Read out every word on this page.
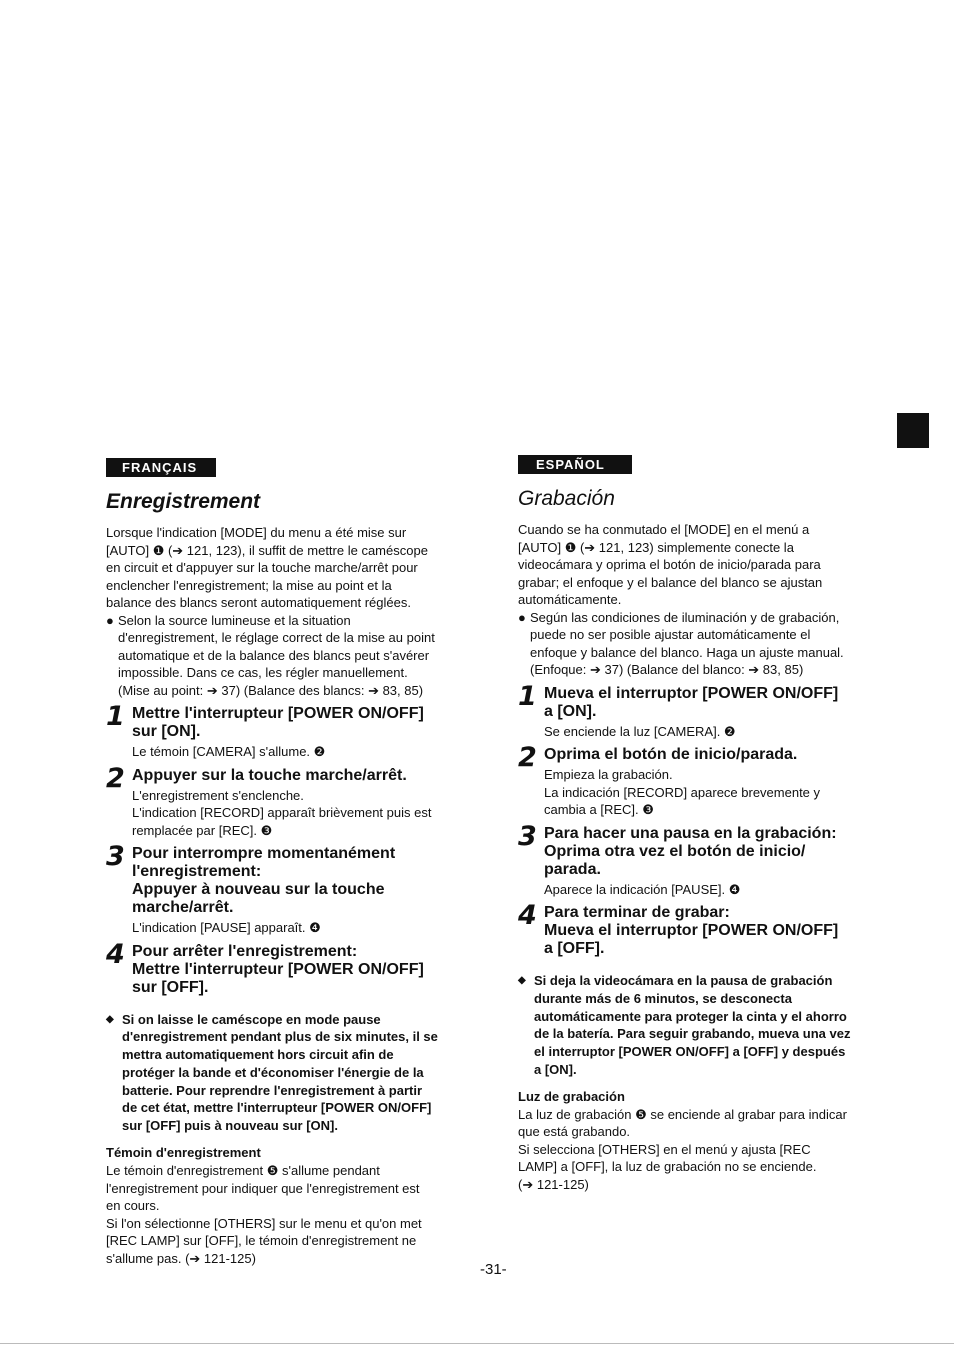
FRANÇAIS
Enregistrement
Lorsque l'indication [MODE] du menu a été mise sur
[AUTO] ❶ (➔ 121, 123), il suffit de mettre le caméscope
en circuit et d'appuyer sur la touche marche/arrêt pour
enclencher l'enregistrement; la mise au point et la
balance des blancs seront automatiquement réglées.
● Selon la source lumineuse et la situation
d'enregistrement, le réglage correct de la mise au point
automatique et de la balance des blancs peut s'avérer
impossible. Dans ce cas, les régler manuellement.
(Mise au point: ➔ 37) (Balance des blancs: ➔ 83, 85)
1 Mettre l'interrupteur [POWER ON/OFF]
sur [ON].
Le témoin [CAMERA] s'allume. ❷
2 Appuyer sur la touche marche/arrêt.
L'enregistrement s'enclenche.
L'indication [RECORD] apparaît brièvement puis est
remplacée par [REC]. ❸
3 Pour interrompre momentanément
l'enregistrement:
Appuyer à nouveau sur la touche
marche/arrêt.
L'indication [PAUSE] apparaît. ❹
4 Pour arrêter l'enregistrement:
Mettre l'interrupteur [POWER ON/OFF]
sur [OFF].
◆ Si on laisse le caméscope en mode pause
d'enregistrement pendant plus de six minutes, il se
mettra automatiquement hors circuit afin de
protéger la bande et d'économiser l'énergie de la
batterie. Pour reprendre l'enregistrement à partir
de cet état, mettre l'interrupteur [POWER ON/OFF]
sur [OFF] puis à nouveau sur [ON].
Témoin d'enregistrement
Le témoin d'enregistrement ❺ s'allume pendant
l'enregistrement pour indiquer que l'enregistrement est
en cours.
Si l'on sélectionne [OTHERS] sur le menu et qu'on met
[REC LAMP] sur [OFF], le témoin d'enregistrement ne
s'allume pas. (➔ 121-125)
ESPAÑOL
Grabación
Cuando se ha conmutado el [MODE] en el menú a
[AUTO] ❶ (➔ 121, 123) simplemente conecte la
videocámara y oprima el botón de inicio/parada para
grabar; el enfoque y el balance del blanco se ajustan
automáticamente.
● Según las condiciones de iluminación y de grabación,
puede no ser posible ajustar automáticamente el
enfoque y balance del blanco. Haga un ajuste manual.
(Enfoque: ➔ 37) (Balance del blanco: ➔ 83, 85)
1 Mueva el interruptor [POWER ON/OFF]
a [ON].
Se enciende la luz [CAMERA]. ❷
2 Oprima el botón de inicio/parada.
Empieza la grabación.
La indicación [RECORD] aparece brevemente y
cambia a [REC]. ❸
3 Para hacer una pausa en la grabación:
Oprima otra vez el botón de inicio/
parada.
Aparece la indicación [PAUSE]. ❹
4 Para terminar de grabar:
Mueva el interruptor [POWER ON/OFF]
a [OFF].
◆ Si deja la videocámara en la pausa de grabación
durante más de 6 minutos, se desconecta
automáticamente para proteger la cinta y el ahorro
de la batería. Para seguir grabando, mueva una vez
el interruptor [POWER ON/OFF] a [OFF] y después
a [ON].
Luz de grabación
La luz de grabación ❺ se enciende al grabar para indicar
que está grabando.
Si selecciona [OTHERS] en el menú y ajusta [REC
LAMP] a [OFF], la luz de grabación no se enciende.
(➔ 121-125)
-31-
